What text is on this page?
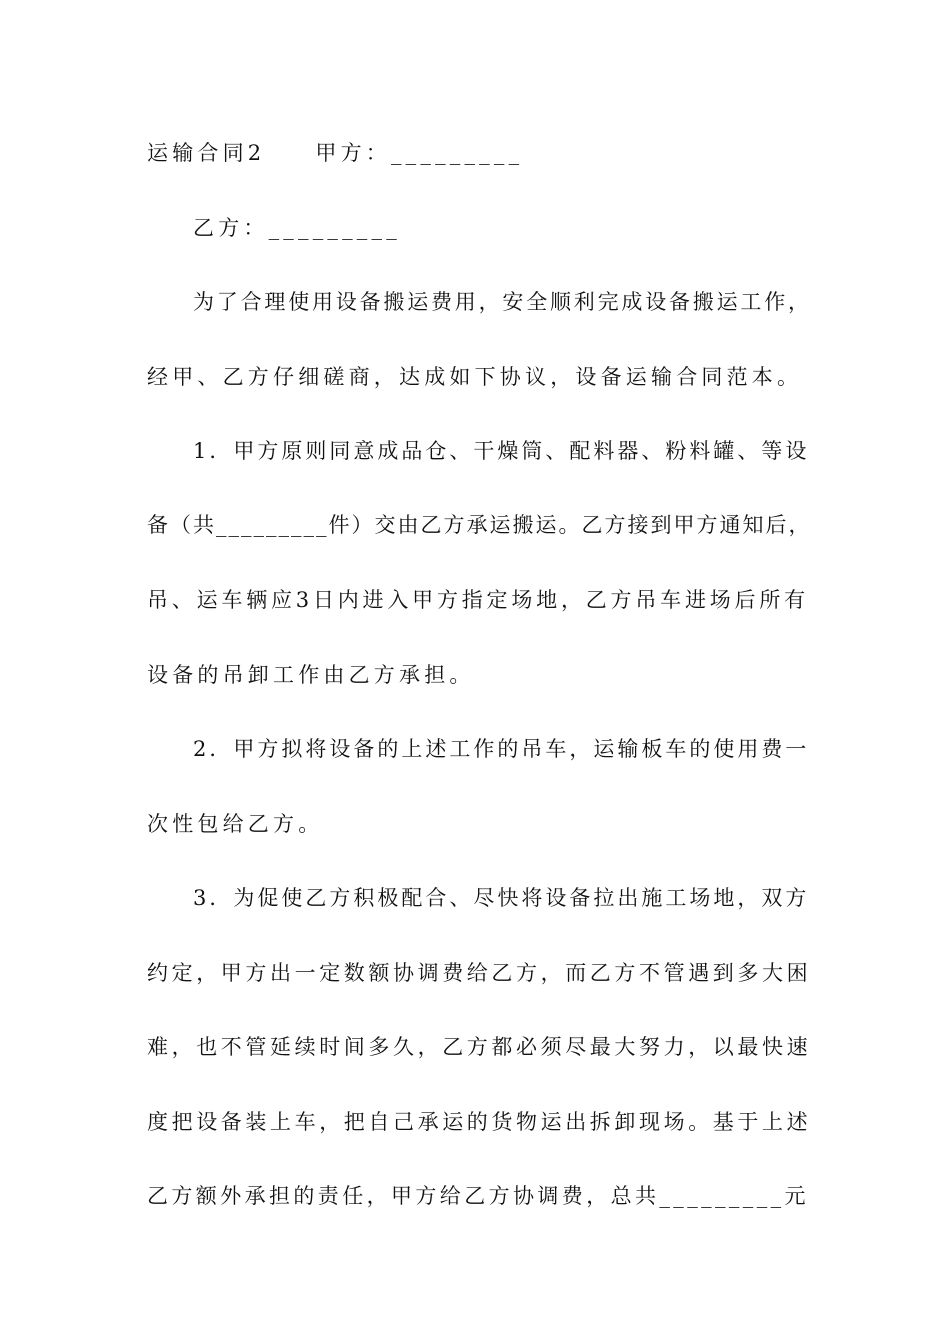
运输合同2 甲方：_________
乙方：_________
为了合理使用设备搬运费用，安全顺利完成设备搬运工作，
经甲、乙方仔细磋商，达成如下协议，设备运输合同范本。
1．甲方原则同意成品仓、干燥筒、配料器、粉料罐、等设
备（共_________件）交由乙方承运搬运。乙方接到甲方通知后，
吊、运车辆应3日内进入甲方指定场地，乙方吊车进场后所有
设备的吊卸工作由乙方承担。
2．甲方拟将设备的上述工作的吊车，运输板车的使用费一
次性包给乙方。
3．为促使乙方积极配合、尽快将设备拉出施工场地，双方
约定，甲方出一定数额协调费给乙方，而乙方不管遇到多大困
难，也不管延续时间多久，乙方都必须尽最大努力，以最快速
度把设备装上车，把自己承运的货物运出拆卸现场。基于上述
乙方额外承担的责任，甲方给乙方协调费，总共_________元
